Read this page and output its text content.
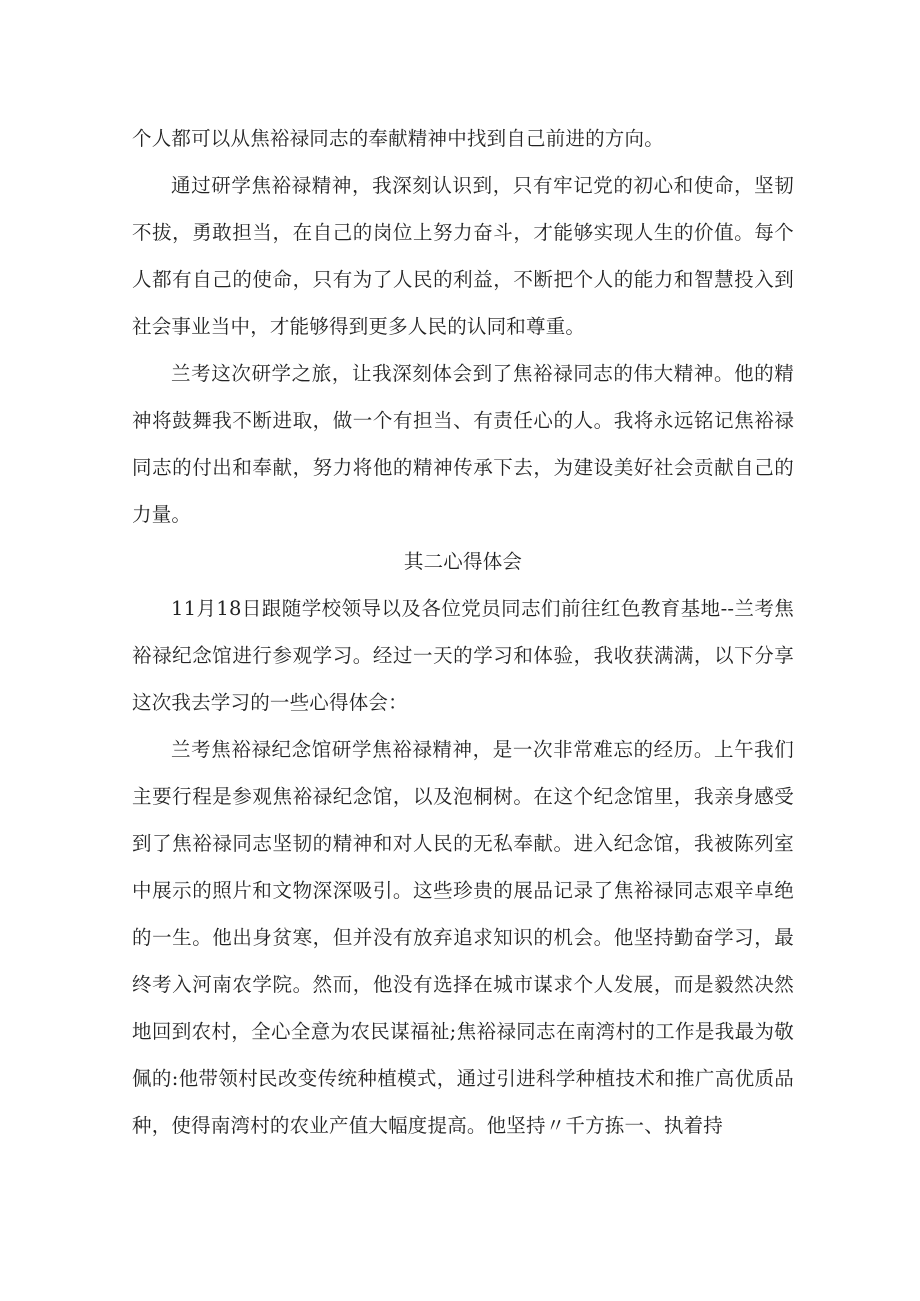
个人都可以从焦裕禄同志的奉献精神中找到自己前进的方向。

通过研学焦裕禄精神，我深刻认识到，只有牢记党的初心和使命，坚韧不拔，勇敢担当，在自己的岗位上努力奋斗，才能够实现人生的价值。每个人都有自己的使命，只有为了人民的利益，不断把个人的能力和智慧投入到社会事业当中，才能够得到更多人民的认同和尊重。

兰考这次研学之旅，让我深刻体会到了焦裕禄同志的伟大精神。他的精神将鼓舞我不断进取，做一个有担当、有责任心的人。我将永远铭记焦裕禄同志的付出和奉献，努力将他的精神传承下去，为建设美好社会贡献自己的力量。

其二心得体会

11月18日跟随学校领导以及各位党员同志们前往红色教育基地--兰考焦裕禄纪念馆进行参观学习。经过一天的学习和体验，我收获满满，以下分享这次我去学习的一些心得体会：

兰考焦裕禄纪念馆研学焦裕禄精神，是一次非常难忘的经历。上午我们主要行程是参观焦裕禄纪念馆，以及泡桐树。在这个纪念馆里，我亲身感受到了焦裕禄同志坚韧的精神和对人民的无私奉献。进入纪念馆，我被陈列室中展示的照片和文物深深吸引。这些珍贵的展品记录了焦裕禄同志艰辛卓绝的一生。他出身贫寒，但并没有放弃追求知识的机会。他坚持勤奋学习，最终考入河南农学院。然而，他没有选择在城市谋求个人发展，而是毅然决然地回到农村，全心全意为农民谋福祉;焦裕禄同志在南湾村的工作是我最为敬佩的:他带领村民改变传统种植模式，通过引进科学种植技术和推广高优质品种，使得南湾村的农业产值大幅度提高。他坚持〃千方拣一、执着持
